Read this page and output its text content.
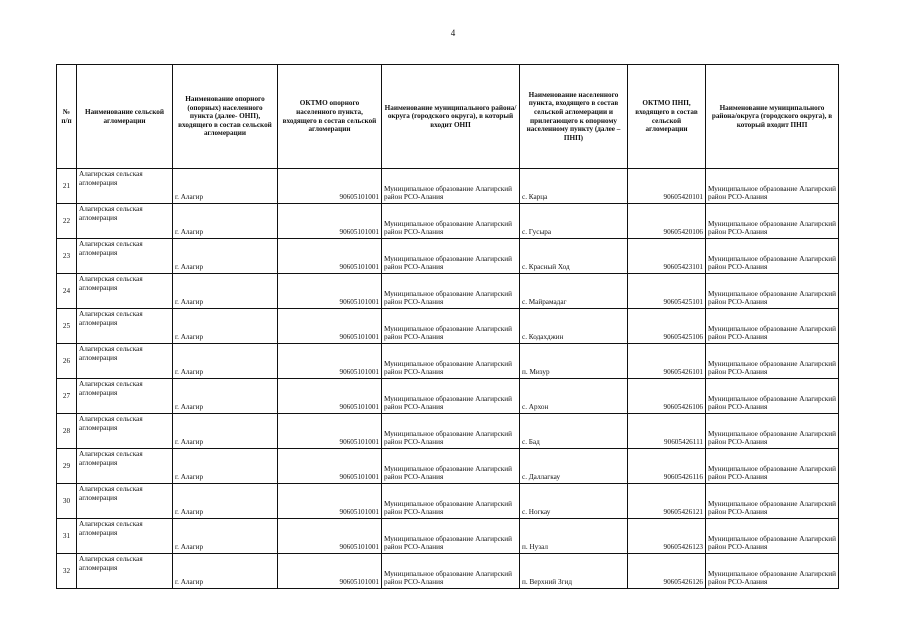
4
№ п/п	Наименование сельской агломерации	Наименование опорного (опорных) населенного пункта (далее- ОНП), входящего в состав сельской агломерации	ОКТМО опорного населенного пункта, входящего в состав сельской агломерации	Наименование муниципального района/округа (городского округа), в который входит ОНП	Наименование населенного пункта, входящего в состав сельской агломерации и прилегающего к опорному населенному пункту (далее – ПНП)	ОКТМО ПНП, входящего в состав сельской агломерации	Наименование муниципального района/округа (городского округа), в который входит ПНП
21	Алагирская сельская агломерация	г. Алагир	90605101001	Муниципальное образование Алагирский район РСО-Алания	с. Карца	90605420101	Муниципальное образование Алагирский район РСО-Алания
22	Алагирская сельская агломерация	г. Алагир	90605101001	Муниципальное образование Алагирский район РСО-Алания	с. Гусыра	90605420106	Муниципальное образование Алагирский район РСО-Алания
23	Алагирская сельская агломерация	г. Алагир	90605101001	Муниципальное образование Алагирский район РСО-Алания	с. Красный Ход	90605423101	Муниципальное образование Алагирский район РСО-Алания
24	Алагирская сельская агломерация	г. Алагир	90605101001	Муниципальное образование Алагирский район РСО-Алания	с. Майрамадаг	90605425101	Муниципальное образование Алагирский район РСО-Алания
25	Алагирская сельская агломерация	г. Алагир	90605101001	Муниципальное образование Алагирский район РСО-Алания	с. Кодахджин	90605425106	Муниципальное образование Алагирский район РСО-Алания
26	Алагирская сельская агломерация	г. Алагир	90605101001	Муниципальное образование Алагирский район РСО-Алания	п. Мизур	90605426101	Муниципальное образование Алагирский район РСО-Алания
27	Алагирская сельская агломерация	г. Алагир	90605101001	Муниципальное образование Алагирский район РСО-Алания	с. Архон	90605426106	Муниципальное образование Алагирский район РСО-Алания
28	Алагирская сельская агломерация	г. Алагир	90605101001	Муниципальное образование Алагирский район РСО-Алания	с. Бад	90605426111	Муниципальное образование Алагирский район РСО-Алания
29	Алагирская сельская агломерация	г. Алагир	90605101001	Муниципальное образование Алагирский район РСО-Алания	с. Даллагкау	90605426116	Муниципальное образование Алагирский район РСО-Алания
30	Алагирская сельская агломерация	г. Алагир	90605101001	Муниципальное образование Алагирский район РСО-Алания	с. Ногкау	90605426121	Муниципальное образование Алагирский район РСО-Алания
31	Алагирская сельская агломерация	г. Алагир	90605101001	Муниципальное образование Алагирский район РСО-Алания	п. Нузал	90605426123	Муниципальное образование Алагирский район РСО-Алания
32	Алагирская сельская агломерация	г. Алагир	90605101001	Муниципальное образование Алагирский район РСО-Алания	п. Верхний Згид	90605426126	Муниципальное образование Алагирский район РСО-Алания
